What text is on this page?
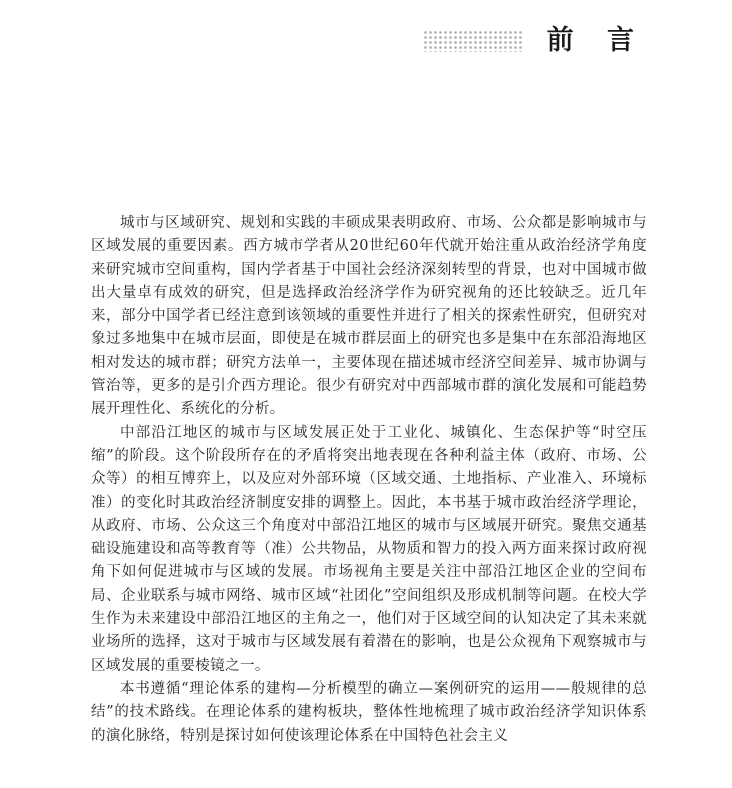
前 言

城市与区域研究、规划和实践的丰硕成果表明政府、市场、公众都是影响城市与区域发展的重要因素。西方城市学者从20世纪60年代就开始注重从政治经济学角度来研究城市空间重构，国内学者基于中国社会经济深刻转型的背景，也对中国城市做出大量卓有成效的研究，但是选择政治经济学作为研究视角的还比较缺乏。近几年来，部分中国学者已经注意到该领域的重要性并进行了相关的探索性研究，但研究对象过多地集中在城市层面，即使是在城市群层面上的研究也多是集中在东部沿海地区相对发达的城市群；研究方法单一，主要体现在描述城市经济空间差异、城市协调与管治等，更多的是引介西方理论。很少有研究对中西部城市群的演化发展和可能趋势展开理性化、系统化的分析。

中部沿江地区的城市与区域发展正处于工业化、城镇化、生态保护等“时空压缩”的阶段。这个阶段所存在的矛盾将突出地表现在各种利益主体（政府、市场、公众等）的相互博弈上，以及应对外部环境（区域交通、土地指标、产业准入、环境标准）的变化时其政治经济制度安排的调整上。因此，本书基于城市政治经济学理论，从政府、市场、公众这三个角度对中部沿江地区的城市与区域展开研究。聚焦交通基础设施建设和高等教育等（准）公共物品，从物质和智力的投入两方面来探讨政府视角下如何促进城市与区域的发展。市场视角主要是关注中部沿江地区企业的空间布局、企业联系与城市网络、城市区域“社团化”空间组织及形成机制等问题。在校大学生作为未来建设中部沿江地区的主角之一，他们对于区域空间的认知决定了其未来就业场所的选择，这对于城市与区域发展有着潜在的影响，也是公众视角下观察城市与区域发展的重要棱镜之一。

本书遵循“理论体系的建构—分析模型的确立—案例研究的运用——般规律的总结”的技术路线。在理论体系的建构板块，整体性地梳理了城市政治经济学知识体系的演化脉络，特别是探讨如何使该理论体系在中国特色社会主义
